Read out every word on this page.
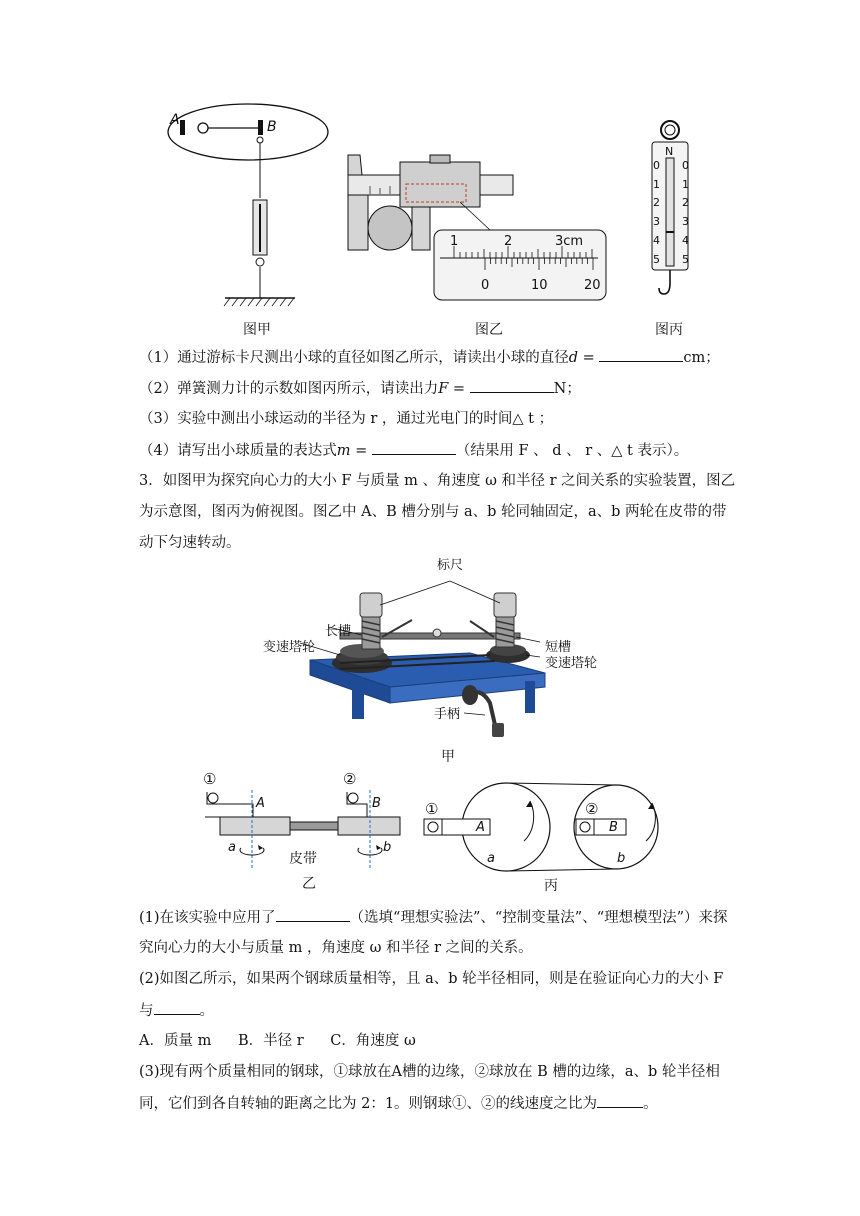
A	B
图甲
1	2	3cm
0	10	20
图乙
N
0
1
2
3
4
5
0
1
2
3
4
5
图丙
（1）通过游标卡尺测出小球的直径如图乙所示，请读出小球的直径d =	cm；
（2）弹簧测力计的示数如图丙所示，请读出力F =	N；
（3）实验中测出小球运动的半径为 r ，通过光电门的时间△ t ；
（4）请写出小球质量的表达式m =	（结果用 F 、 d 、 r 、△ t 表示）。
3．如图甲为探究向心力的大小 F 与质量 m 、角速度 ω 和半径 r 之间关系的实验装置，图乙
为示意图，图丙为俯视图。图乙中 A、B 槽分别与 a、b 轮同轴固定，a、b 两轮在皮带的带
动下匀速转动。
标尺
长槽
变速塔轮	短槽
变速塔轮
手柄
甲
①	②
A	B
a	b
皮带
乙
①	②
A	B
a	b
丙
(1)在该实验中应用了	（选填“理想实验法”、“控制变量法”、“理想模型法”）来探
究向心力的大小与质量 m ，角速度 ω 和半径 r 之间的关系。
(2)如图乙所示，如果两个钢球质量相等，且 a、b 轮半径相同，则是在验证向心力的大小 F
与	。
A．质量 m B．半径 r C．角速度 ω
(3)现有两个质量相同的钢球，①球放在A槽的边缘，②球放在 B 槽的边缘，a、b 轮半径相
同，它们到各自转轴的距离之比为 2：1。则钢球①、②的线速度之比为	。
